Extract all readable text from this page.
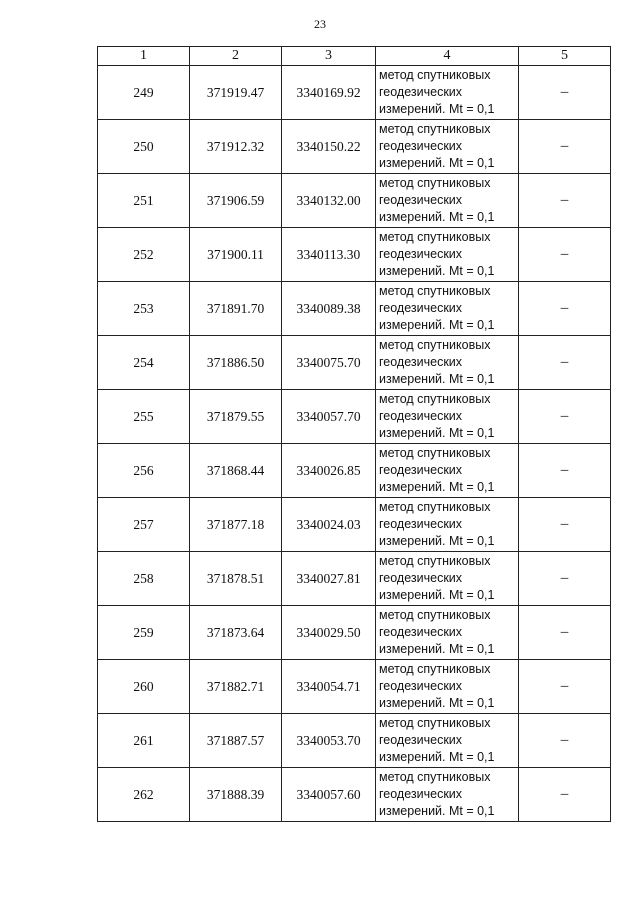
23
1	2	3	4	5
249	371919.47	3340169.92	метод спутниковых
геодезических
измерений. Mt = 0,1	–
250	371912.32	3340150.22	метод спутниковых
геодезических
измерений. Mt = 0,1	–
251	371906.59	3340132.00	метод спутниковых
геодезических
измерений. Mt = 0,1	–
252	371900.11	3340113.30	метод спутниковых
геодезических
измерений. Mt = 0,1	–
253	371891.70	3340089.38	метод спутниковых
геодезических
измерений. Mt = 0,1	–
254	371886.50	3340075.70	метод спутниковых
геодезических
измерений. Mt = 0,1	–
255	371879.55	3340057.70	метод спутниковых
геодезических
измерений. Mt = 0,1	–
256	371868.44	3340026.85	метод спутниковых
геодезических
измерений. Mt = 0,1	–
257	371877.18	3340024.03	метод спутниковых
геодезических
измерений. Mt = 0,1	–
258	371878.51	3340027.81	метод спутниковых
геодезических
измерений. Mt = 0,1	–
259	371873.64	3340029.50	метод спутниковых
геодезических
измерений. Mt = 0,1	–
260	371882.71	3340054.71	метод спутниковых
геодезических
измерений. Mt = 0,1	–
261	371887.57	3340053.70	метод спутниковых
геодезических
измерений. Mt = 0,1	–
262	371888.39	3340057.60	метод спутниковых
геодезических
измерений. Mt = 0,1	–
